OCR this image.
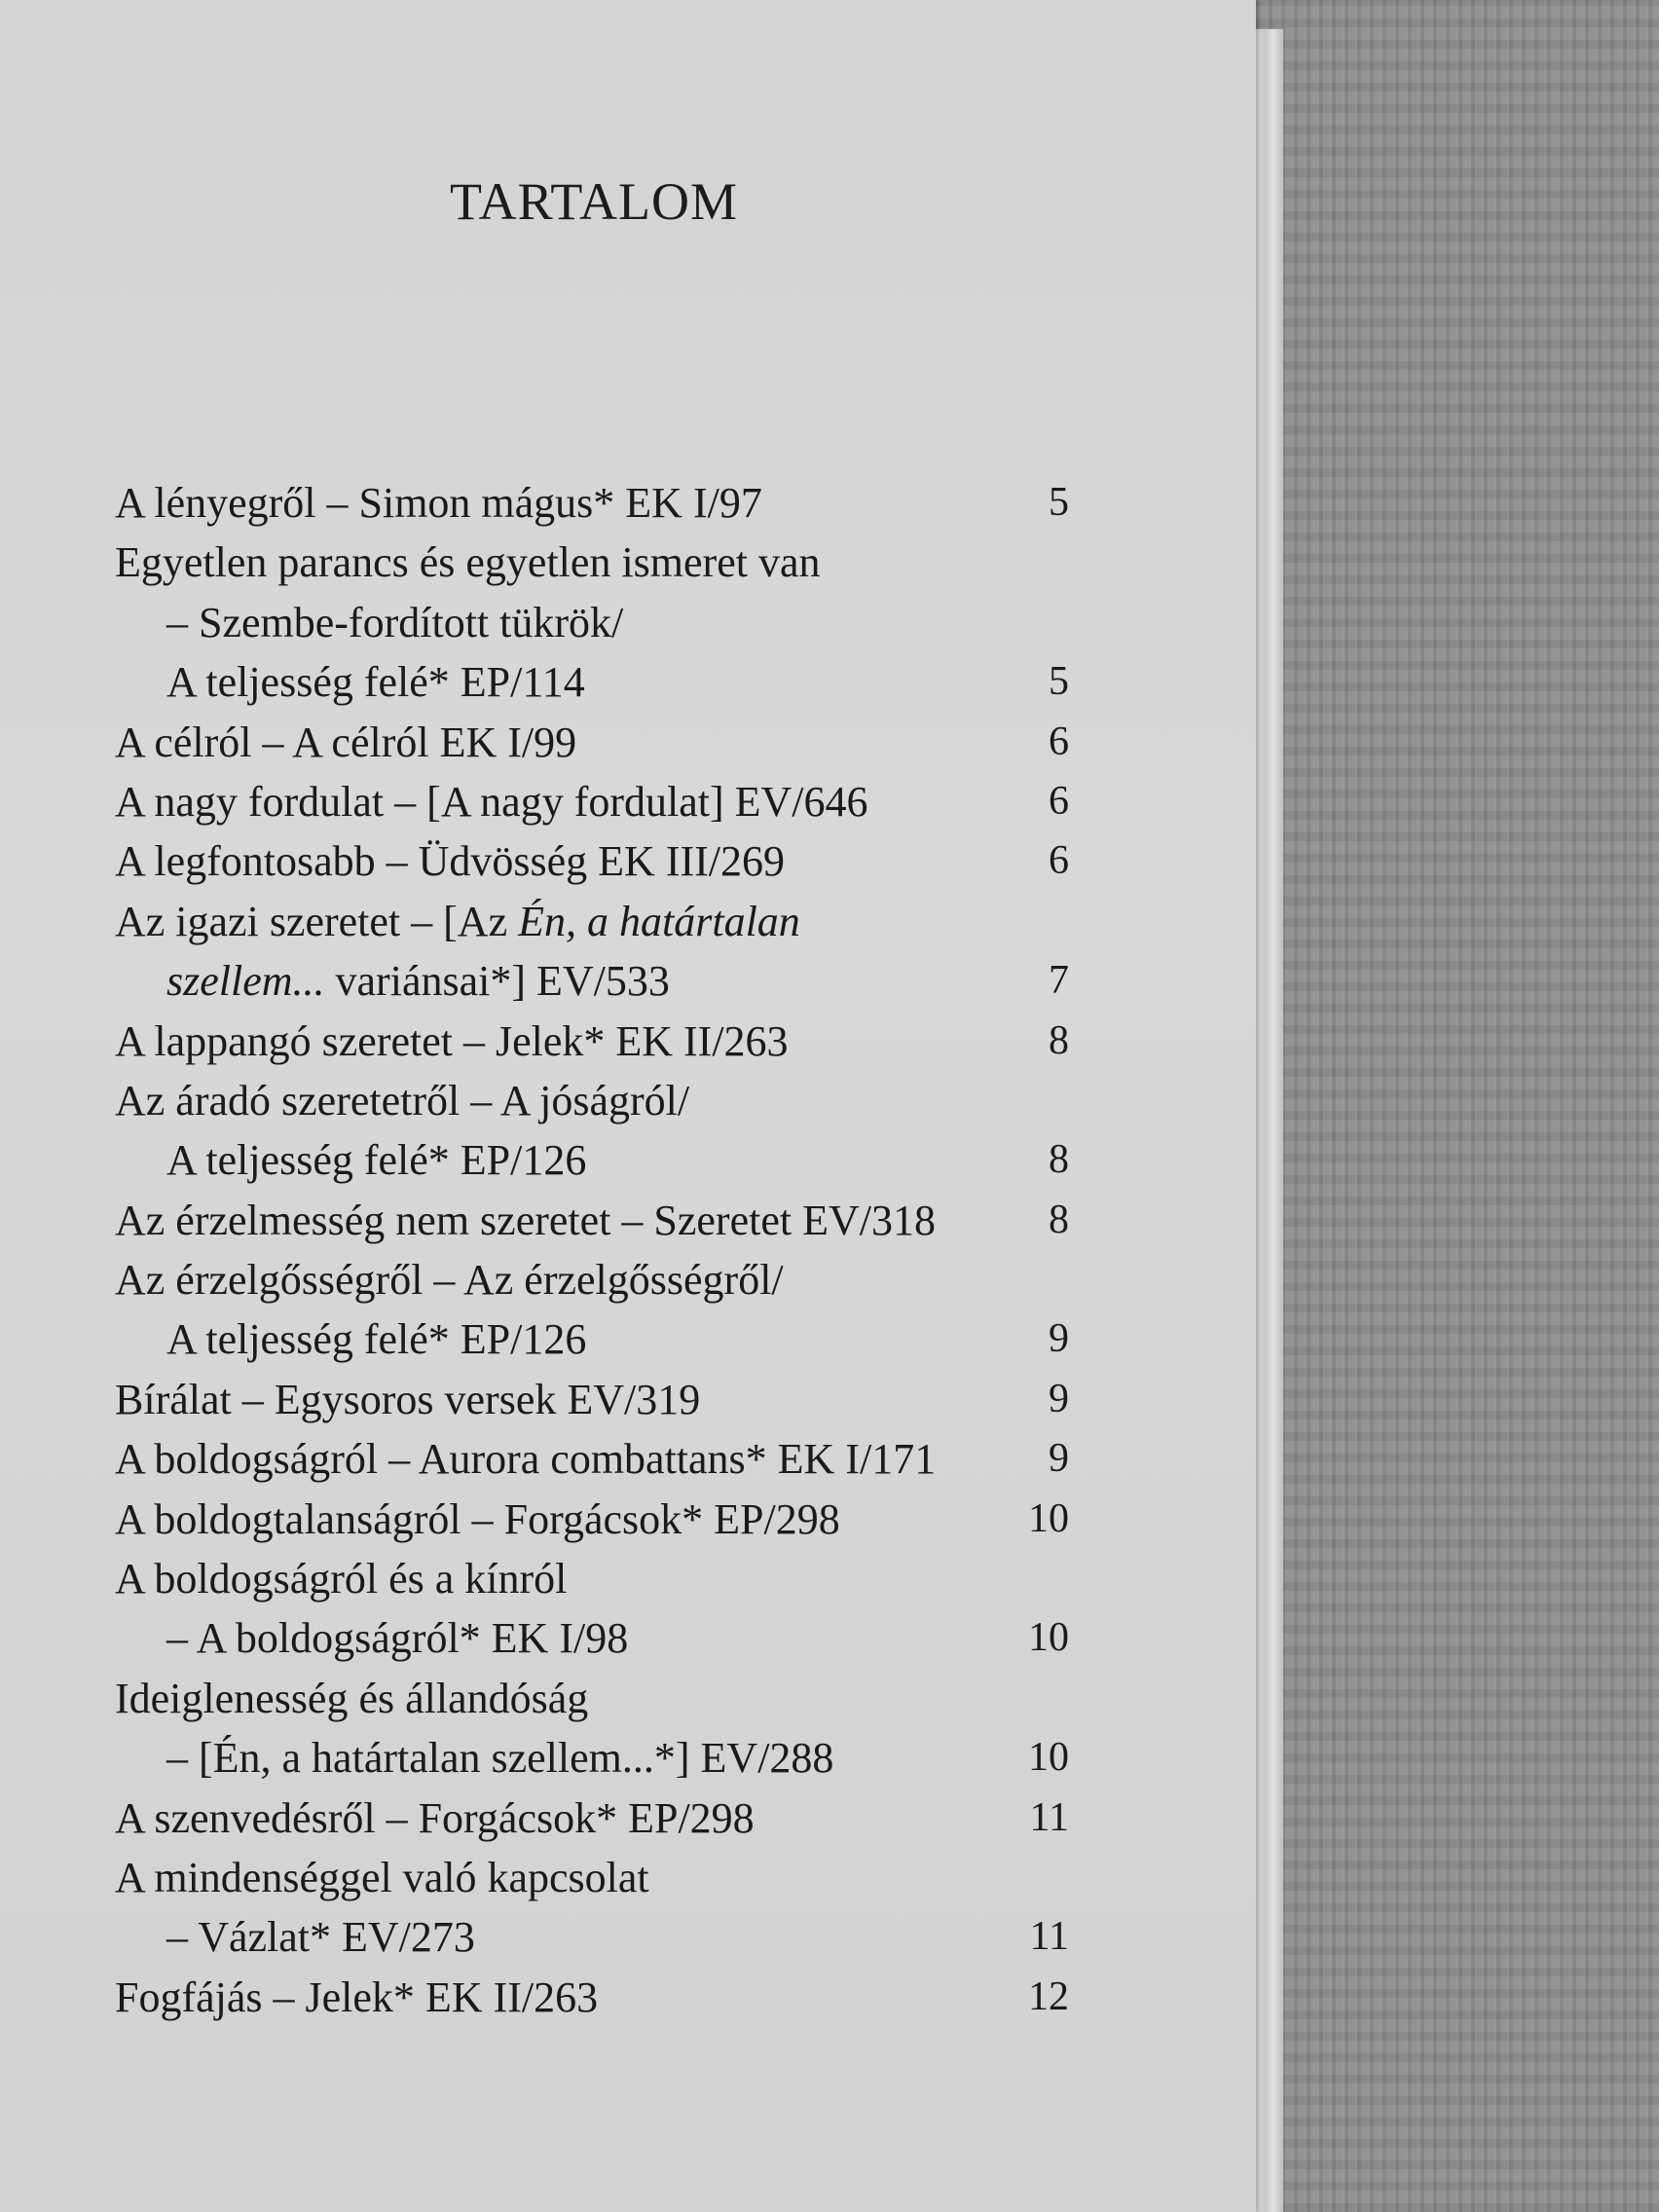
TARTALOM
A lényegről – Simon mágus* EK I/97	5
Egyetlen parancs és egyetlen ismeret van
– Szembe-fordított tükrök/
A teljesség felé* EP/114	5
A célról – A célról EK I/99	6
A nagy fordulat – [A nagy fordulat] EV/646	6
A legfontosabb – Üdvösség EK III/269	6
Az igazi szeretet – [Az Én, a határtalan
szellem... variánsai*] EV/533	7
A lappangó szeretet – Jelek* EK II/263	8
Az áradó szeretetről – A jóságról/
A teljesség felé* EP/126	8
Az érzelmesség nem szeretet – Szeretet EV/318	8
Az érzelgősségről – Az érzelgősségről/
A teljesség felé* EP/126	9
Bírálat – Egysoros versek EV/319	9
A boldogságról – Aurora combattans* EK I/171	9
A boldogtalanságról – Forgácsok* EP/298	10
A boldogságról és a kínról
– A boldogságról* EK I/98	10
Ideiglenesség és állandóság
– [Én, a határtalan szellem...*] EV/288	10
A szenvedésről – Forgácsok* EP/298	11
A mindenséggel való kapcsolat
– Vázlat* EV/273	11
Fogfájás – Jelek* EK II/263	12
